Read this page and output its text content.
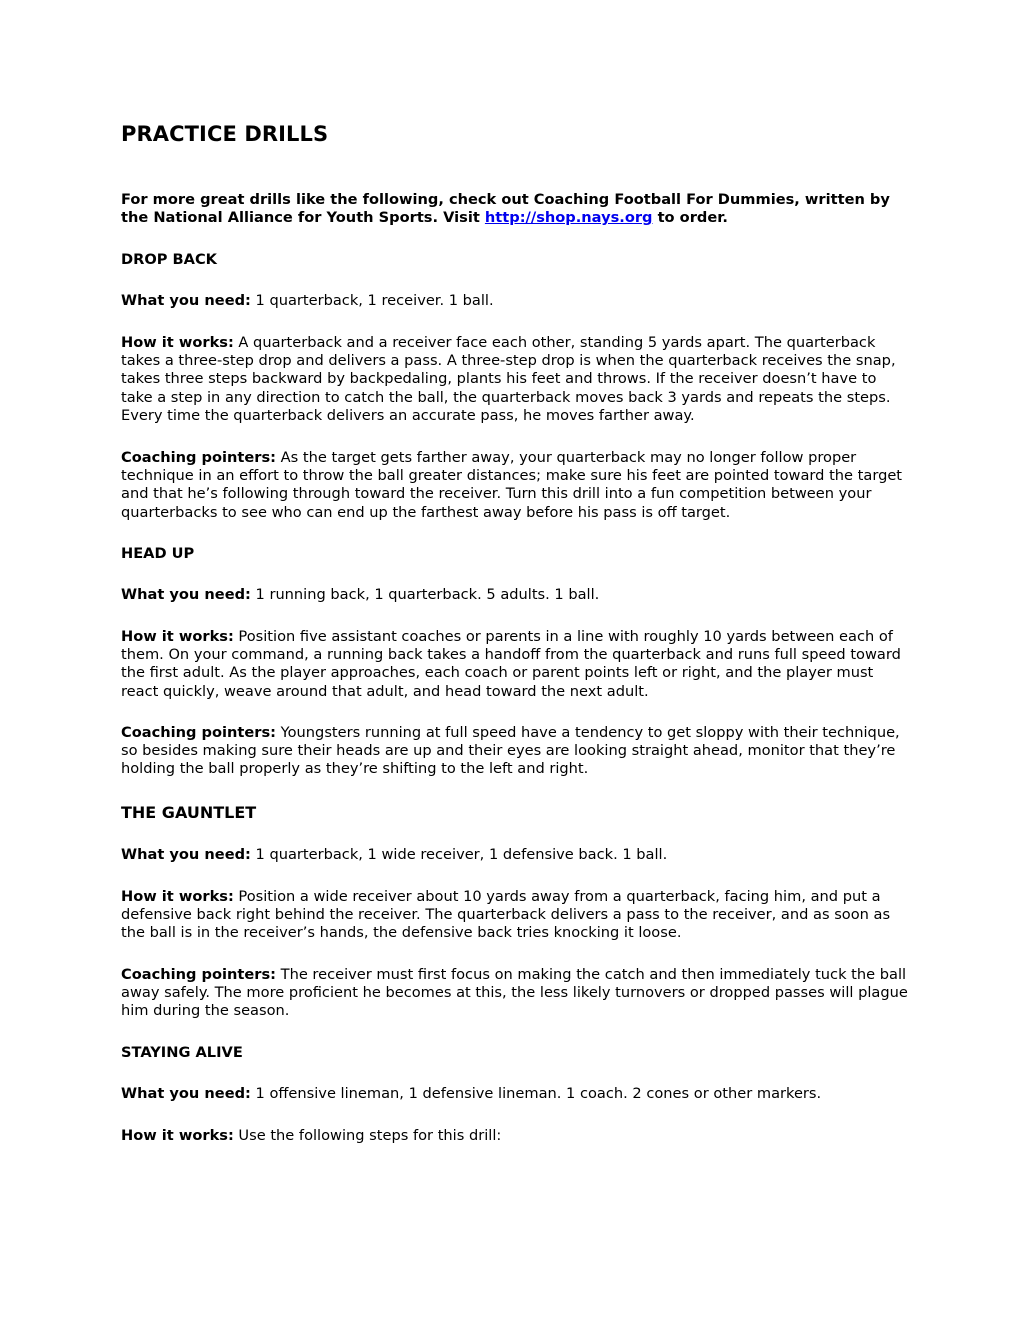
PRACTICE DRILLS

For more great drills like the following, check out Coaching Football For Dummies, written by the National Alliance for Youth Sports. Visit http://shop.nays.org to order.

DROP BACK

What you need: 1 quarterback, 1 receiver. 1 ball.

How it works: A quarterback and a receiver face each other, standing 5 yards apart. The quarterback takes a three-step drop and delivers a pass. A three-step drop is when the quarterback receives the snap, takes three steps backward by backpedaling, plants his feet and throws. If the receiver doesn’t have to take a step in any direction to catch the ball, the quarterback moves back 3 yards and repeats the steps. Every time the quarterback delivers an accurate pass, he moves farther away.

Coaching pointers: As the target gets farther away, your quarterback may no longer follow proper technique in an effort to throw the ball greater distances; make sure his feet are pointed toward the target and that he’s following through toward the receiver. Turn this drill into a fun competition between your quarterbacks to see who can end up the farthest away before his pass is off target.

HEAD UP

What you need: 1 running back, 1 quarterback. 5 adults. 1 ball.

How it works: Position five assistant coaches or parents in a line with roughly 10 yards between each of them. On your command, a running back takes a handoff from the quarterback and runs full speed toward the first adult. As the player approaches, each coach or parent points left or right, and the player must react quickly, weave around that adult, and head toward the next adult.

Coaching pointers: Youngsters running at full speed have a tendency to get sloppy with their technique, so besides making sure their heads are up and their eyes are looking straight ahead, monitor that they’re holding the ball properly as they’re shifting to the left and right.

THE GAUNTLET

What you need: 1 quarterback, 1 wide receiver, 1 defensive back. 1 ball.

How it works: Position a wide receiver about 10 yards away from a quarterback, facing him, and put a defensive back right behind the receiver. The quarterback delivers a pass to the receiver, and as soon as the ball is in the receiver’s hands, the defensive back tries knocking it loose.

Coaching pointers: The receiver must first focus on making the catch and then immediately tuck the ball away safely. The more proficient he becomes at this, the less likely turnovers or dropped passes will plague him during the season.

STAYING ALIVE

What you need: 1 offensive lineman, 1 defensive lineman. 1 coach. 2 cones or other markers.

How it works: Use the following steps for this drill:
